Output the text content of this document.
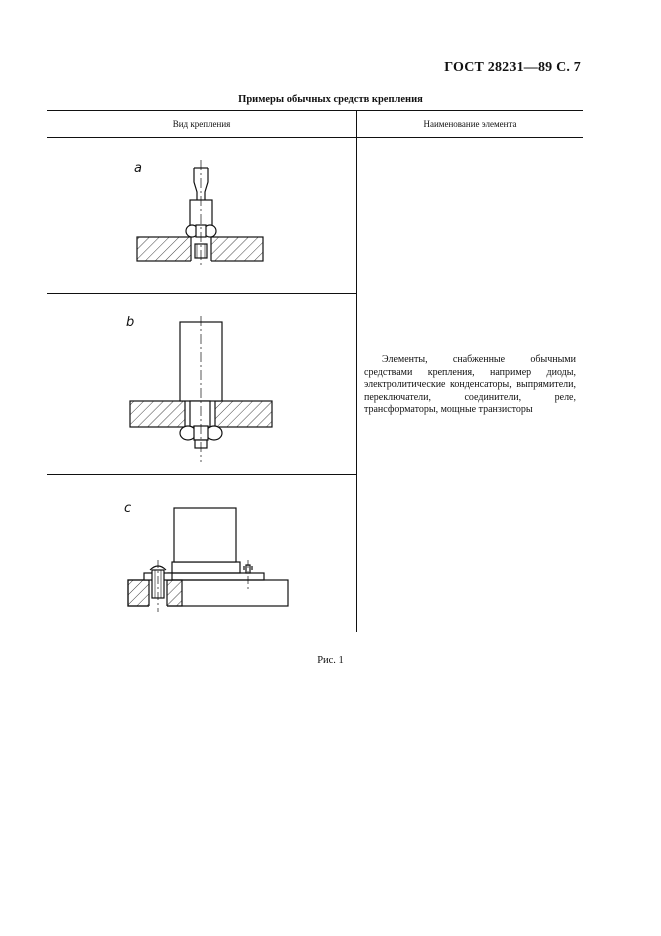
ГОСТ 28231—89 С. 7
Примеры обычных средств крепления
Вид крепления	Наименование элемента
Элементы, снабженные обычными средствами крепления, например диоды, электролитические конденсаторы, выпрямители, переключатели, соединители, реле, трансформаторы, мощные транзисторы
a
b
c
Рис. 1
